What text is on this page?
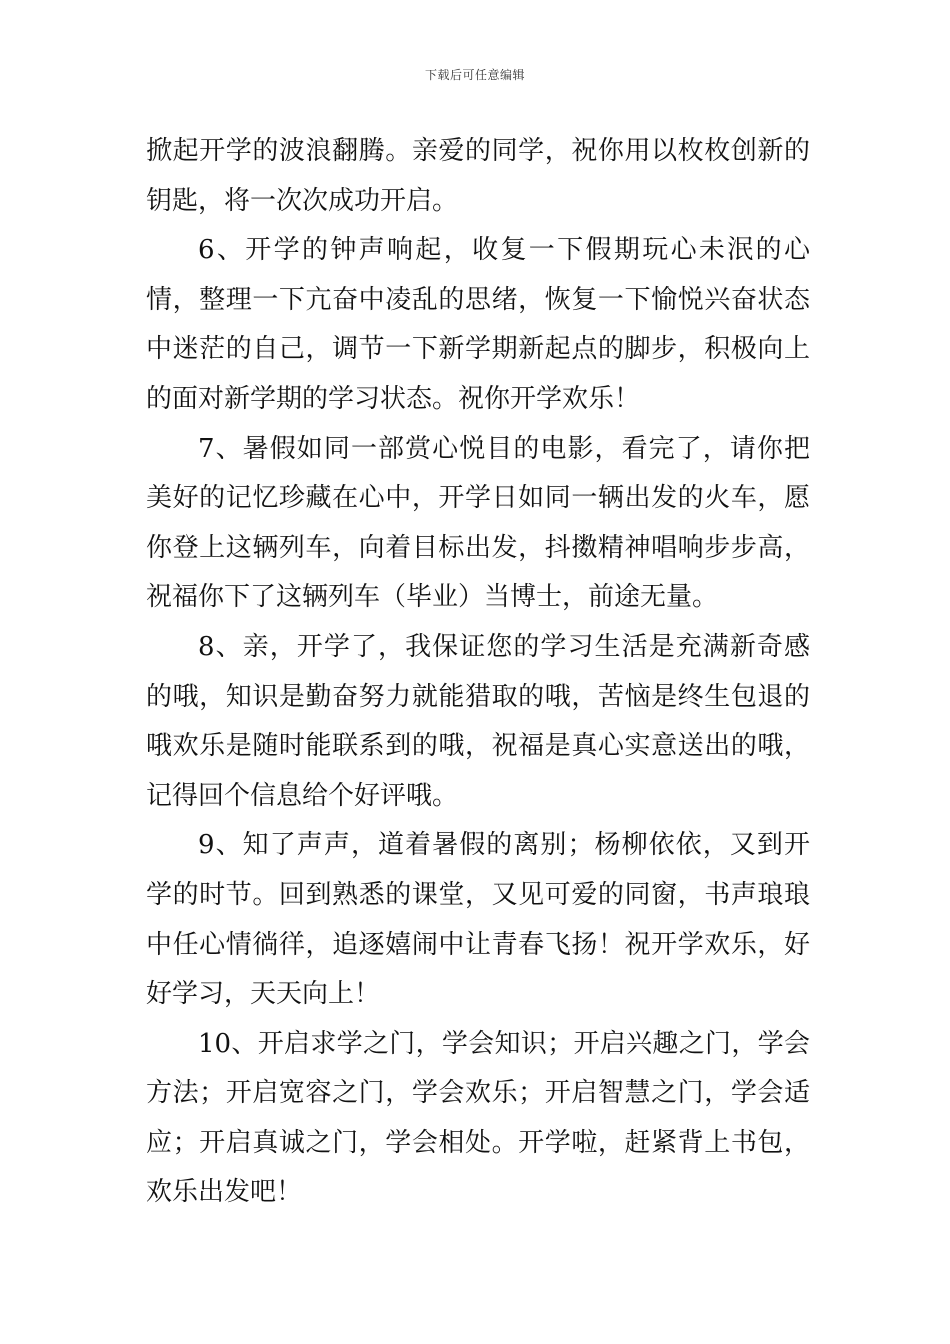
下载后可任意编辑

掀起开学的波浪翻腾。亲爱的同学，祝你用以枚枚创新的钥匙，将一次次成功开启。

6、开学的钟声响起，收复一下假期玩心未泯的心情，整理一下亢奋中凌乱的思绪，恢复一下愉悦兴奋状态中迷茫的自己，调节一下新学期新起点的脚步，积极向上的面对新学期的学习状态。祝你开学欢乐！

7、暑假如同一部赏心悦目的电影，看完了，请你把美好的记忆珍藏在心中，开学日如同一辆出发的火车，愿你登上这辆列车，向着目标出发，抖擞精神唱响步步高，祝福你下了这辆列车（毕业）当博士，前途无量。

8、亲，开学了，我保证您的学习生活是充满新奇感的哦，知识是勤奋努力就能猎取的哦，苦恼是终生包退的哦欢乐是随时能联系到的哦，祝福是真心实意送出的哦，记得回个信息给个好评哦。

9、知了声声，道着暑假的离别；杨柳依依，又到开学的时节。回到熟悉的课堂，又见可爱的同窗，书声琅琅中任心情徜徉，追逐嬉闹中让青春飞扬！祝开学欢乐，好好学习，天天向上！

10、开启求学之门，学会知识；开启兴趣之门，学会方法；开启宽容之门，学会欢乐；开启智慧之门，学会适应；开启真诚之门，学会相处。开学啦，赶紧背上书包，欢乐出发吧！
